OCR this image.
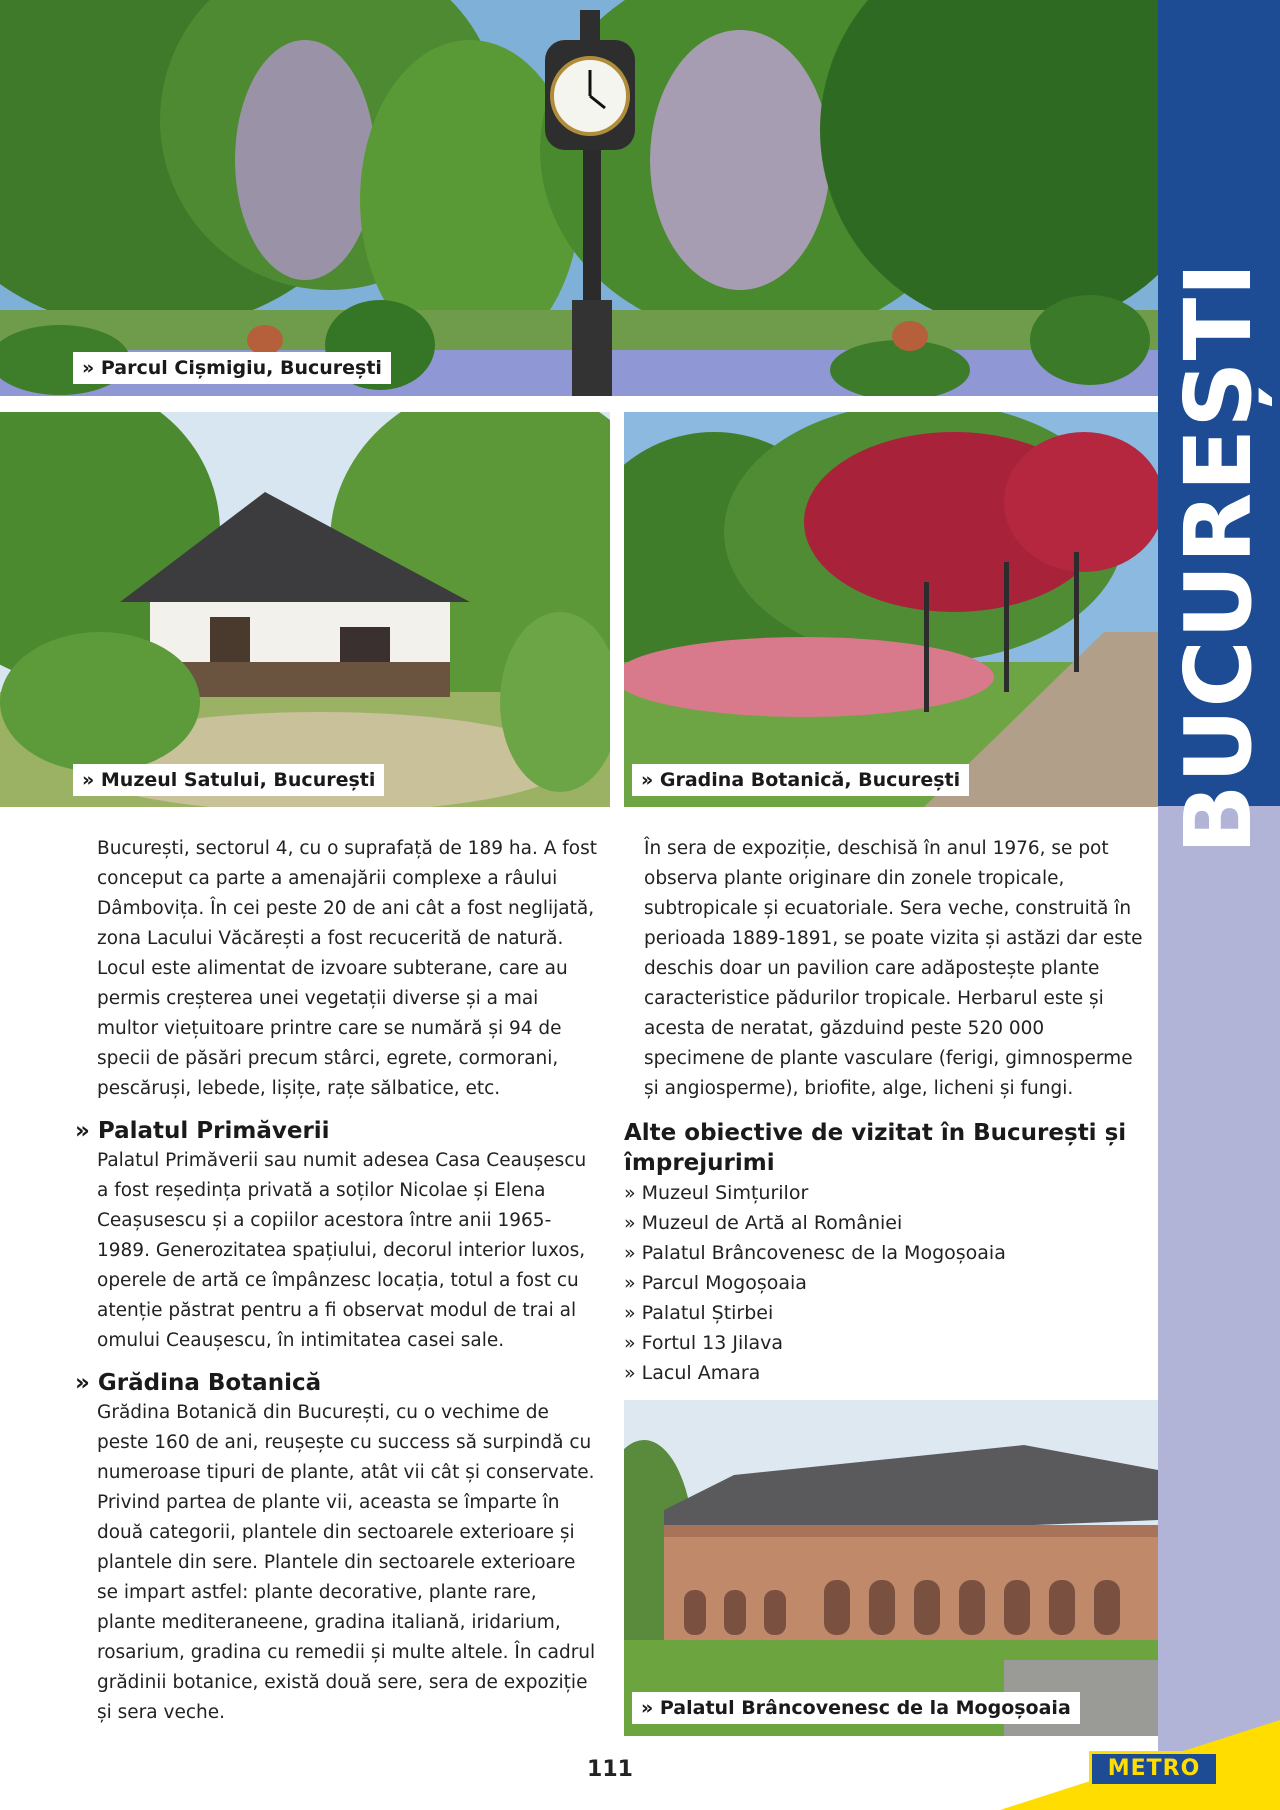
» Parcul Cișmigiu, București
» Muzeul Satului, București	» Gradina Botanică, București
» Palatul Brâncovenesc de la Mogoșoaia
BUCUREȘTI

București, sectorul 4, cu o suprafață de 189 ha. A fost conceput ca parte a amenajării complexe a râului Dâmbovița. În cei peste 20 de ani cât a fost neglijată, zona Lacului Văcărești a fost recucerită de natură. Locul este alimentat de izvoare subterane, care au permis creșterea unei vegetații diverse și a mai multor viețuitoare printre care se numără și 94 de specii de păsări precum stârci, egrete, cormorani, pescăruși, lebede, lișițe, rațe sălbatice, etc.

» Palatul Primăverii

Palatul Primăverii sau numit adesea Casa Ceaușescu a fost reședința privată a soților Nicolae și Elena Ceașusescu și a copiilor acestora între anii 1965-1989. Generozitatea spațiului, decorul interior luxos, operele de artă ce împânzesc locația, totul a fost cu atenție păstrat pentru a fi observat modul de trai al omului Ceaușescu, în intimitatea casei sale.

» Grădina Botanică

Grădina Botanică din București, cu o vechime de peste 160 de ani, reușește cu success să surpindă cu numeroase tipuri de plante, atât vii cât și conservate. Privind partea de plante vii, aceasta se împarte în două categorii, plantele din sectoarele exterioare și plantele din sere. Plantele din sectoarele exterioare se impart astfel: plante decorative, plante rare, plante mediteraneene, gradina italiană, iridarium, rosarium, gradina cu remedii și multe altele. În cadrul grădinii botanice, există două sere, sera de expoziție și sera veche.

În sera de expoziție, deschisă în anul 1976, se pot observa plante originare din zonele tropicale, subtropicale și ecuatoriale. Sera veche, construită în perioada 1889-1891, se poate vizita și astăzi dar este deschis doar un pavilion care adăpostește plante caracteristice pădurilor tropicale. Herbarul este și acesta de neratat, găzduind peste 520 000 specimene de plante vasculare (ferigi, gimnosperme și angiosperme), briofite, alge, licheni și fungi.

Alte obiective de vizitat în București și împrejurimi
» Muzeul Simțurilor
» Muzeul de Artă al României
» Palatul Brâncovenesc de la Mogoșoaia
» Parcul Mogoșoaia
» Palatul Știrbei
» Fortul 13 Jilava
» Lacul Amara
111	METRO
